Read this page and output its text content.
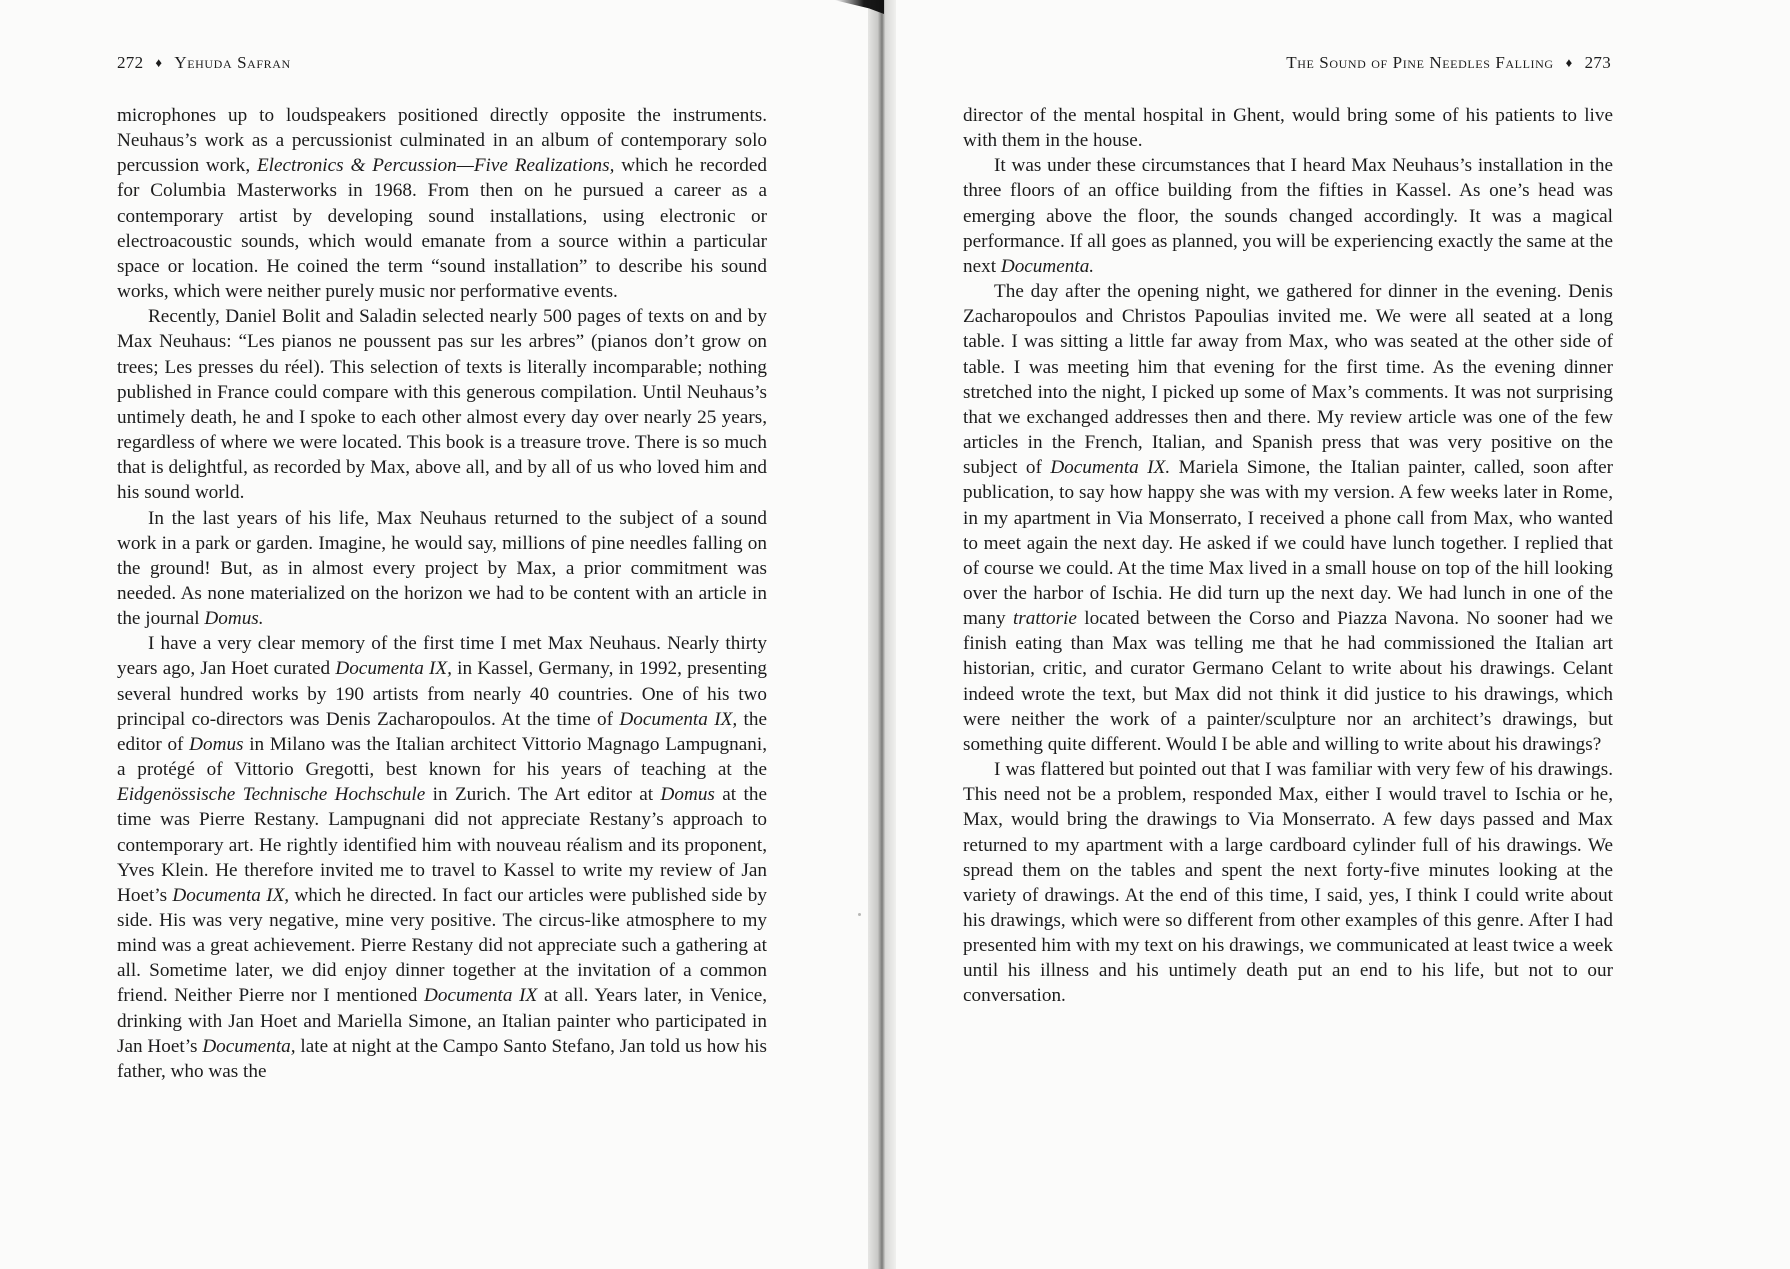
272 ♦ Yehuda Safran	The Sound of Pine Needles Falling ♦ 273

microphones up to loudspeakers positioned directly opposite the instruments. Neuhaus’s work as a percussionist culminated in an album of contemporary solo percussion work, Electronics & Percussion—Five Realizations, which he recorded for Columbia Masterworks in 1968. From then on he pursued a career as a contemporary artist by developing sound installations, using electronic or electroacoustic sounds, which would emanate from a source within a particular space or location. He coined the term “sound installation” to describe his sound works, which were neither purely music nor performative events.

Recently, Daniel Bolit and Saladin selected nearly 500 pages of texts on and by Max Neuhaus: “Les pianos ne poussent pas sur les arbres” (pianos don’t grow on trees; Les presses du réel). This selection of texts is literally incomparable; nothing published in France could compare with this generous compilation. Until Neuhaus’s untimely death, he and I spoke to each other almost every day over nearly 25 years, regardless of where we were located. This book is a treasure trove. There is so much that is delightful, as recorded by Max, above all, and by all of us who loved him and his sound world.

In the last years of his life, Max Neuhaus returned to the subject of a sound work in a park or garden. Imagine, he would say, millions of pine needles falling on the ground! But, as in almost every project by Max, a prior commitment was needed. As none materialized on the horizon we had to be content with an article in the journal Domus.

I have a very clear memory of the first time I met Max Neuhaus. Nearly thirty years ago, Jan Hoet curated Documenta IX, in Kassel, Germany, in 1992, presenting several hundred works by 190 artists from nearly 40 countries. One of his two principal co-directors was Denis Zacharopoulos. At the time of Documenta IX, the editor of Domus in Milano was the Italian architect Vittorio Magnago Lampugnani, a protégé of Vittorio Gregotti, best known for his years of teaching at the Eidgenössische Technische Hochschule in Zurich. The Art editor at Domus at the time was Pierre Restany. Lampugnani did not appreciate Restany’s approach to contemporary art. He rightly identified him with nouveau réalism and its proponent, Yves Klein. He therefore invited me to travel to Kassel to write my review of Jan Hoet’s Documenta IX, which he directed. In fact our articles were published side by side. His was very negative, mine very positive. The circus-like atmosphere to my mind was a great achievement. Pierre Restany did not appreciate such a gathering at all. Sometime later, we did enjoy dinner together at the invitation of a common friend. Neither Pierre nor I mentioned Documenta IX at all. Years later, in Venice, drinking with Jan Hoet and Mariella Simone, an Italian painter who participated in Jan Hoet’s Documenta, late at night at the Campo Santo Stefano, Jan told us how his father, who was the

director of the mental hospital in Ghent, would bring some of his patients to live with them in the house.

It was under these circumstances that I heard Max Neuhaus’s installation in the three floors of an office building from the fifties in Kassel. As one’s head was emerging above the floor, the sounds changed accordingly. It was a magical performance. If all goes as planned, you will be experiencing exactly the same at the next Documenta.

The day after the opening night, we gathered for dinner in the evening. Denis Zacharopoulos and Christos Papoulias invited me. We were all seated at a long table. I was sitting a little far away from Max, who was seated at the other side of table. I was meeting him that evening for the first time. As the evening dinner stretched into the night, I picked up some of Max’s comments. It was not surprising that we exchanged addresses then and there. My review article was one of the few articles in the French, Italian, and Spanish press that was very positive on the subject of Documenta IX. Mariela Simone, the Italian painter, called, soon after publication, to say how happy she was with my version. A few weeks later in Rome, in my apartment in Via Monserrato, I received a phone call from Max, who wanted to meet again the next day. He asked if we could have lunch together. I replied that of course we could. At the time Max lived in a small house on top of the hill looking over the harbor of Ischia. He did turn up the next day. We had lunch in one of the many trattorie located between the Corso and Piazza Navona. No sooner had we finish eating than Max was telling me that he had commissioned the Italian art historian, critic, and curator Germano Celant to write about his drawings. Celant indeed wrote the text, but Max did not think it did justice to his drawings, which were neither the work of a painter/sculpture nor an architect’s drawings, but something quite different. Would I be able and willing to write about his drawings?

I was flattered but pointed out that I was familiar with very few of his drawings. This need not be a problem, responded Max, either I would travel to Ischia or he, Max, would bring the drawings to Via Monserrato. A few days passed and Max returned to my apartment with a large cardboard cylinder full of his drawings. We spread them on the tables and spent the next forty-five minutes looking at the variety of drawings. At the end of this time, I said, yes, I think I could write about his drawings, which were so different from other examples of this genre. After I had presented him with my text on his drawings, we communicated at least twice a week until his illness and his untimely death put an end to his life, but not to our conversation.
